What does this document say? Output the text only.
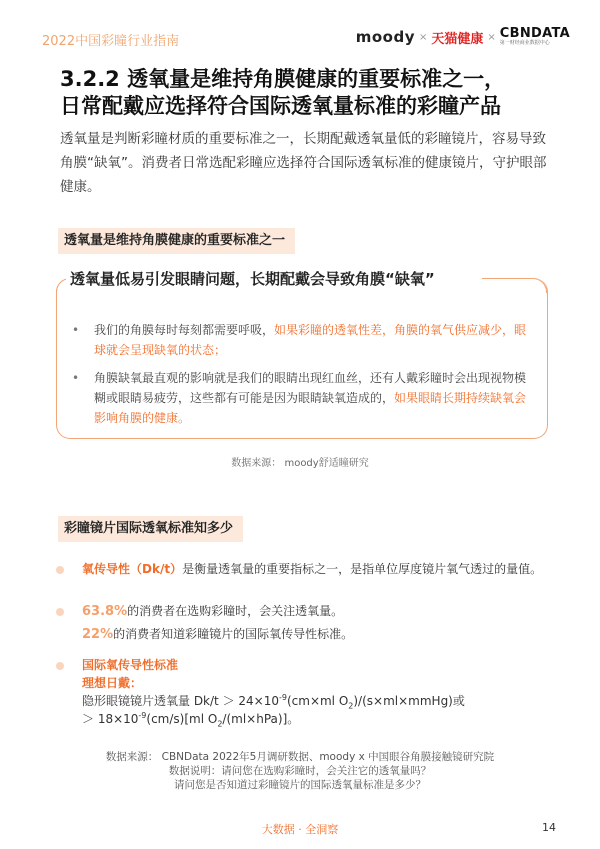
2022中国彩瞳行业指南	moody × 天猫健康 × CBNDATA
第一财经商业数据中心
3.2.2 透氧量是维持角膜健康的重要标准之一，
日常配戴应选择符合国际透氧量标准的彩瞳产品
透氧量是判断彩瞳材质的重要标准之一，长期配戴透氧量低的彩瞳镜片，容易导致角膜“缺氧”。消费者日常选配彩瞳应选择符合国际透氧标准的健康镜片，守护眼部健康。
透氧量是维持角膜健康的重要标准之一
透氧量低易引发眼睛问题，长期配戴会导致角膜“缺氧”
• 我们的角膜每时每刻都需要呼吸，如果彩瞳的透氧性差，角膜的氧气供应减少，眼球就会呈现缺氧的状态；
• 角膜缺氧最直观的影响就是我们的眼睛出现红血丝，还有人戴彩瞳时会出现视物模糊或眼睛易疲劳，这些都有可能是因为眼睛缺氧造成的，如果眼睛长期持续缺氧会影响角膜的健康。
数据来源： moody舒适瞳研究
彩瞳镜片国际透氧标准知多少
氧传导性（Dk/t）是衡量透氧量的重要指标之一，是指单位厚度镜片氧气透过的量值。
63.8%的消费者在选购彩瞳时，会关注透氧量。
22%的消费者知道彩瞳镜片的国际氧传导性标准。
国际氧传导性标准
理想日戴：
隐形眼镜镜片透氧量 $Dk/t > 24\times 10^{-9}(cm\times ml$ $O_2)/(s\times ml\times mmHg)$或
＞ $18\times 10^{-9}(cm/s)[ml$ $O_2/(ml\times hPa)$]。
数据来源： CBNData 2022年5月调研数据、moody x 中国眼谷角膜接触镜研究院
数据说明：请问您在选购彩瞳时，会关注它的透氧量吗？
请问您是否知道过彩瞳镜片的国际透氧量标准是多少？
大数据 · 全洞察	14
